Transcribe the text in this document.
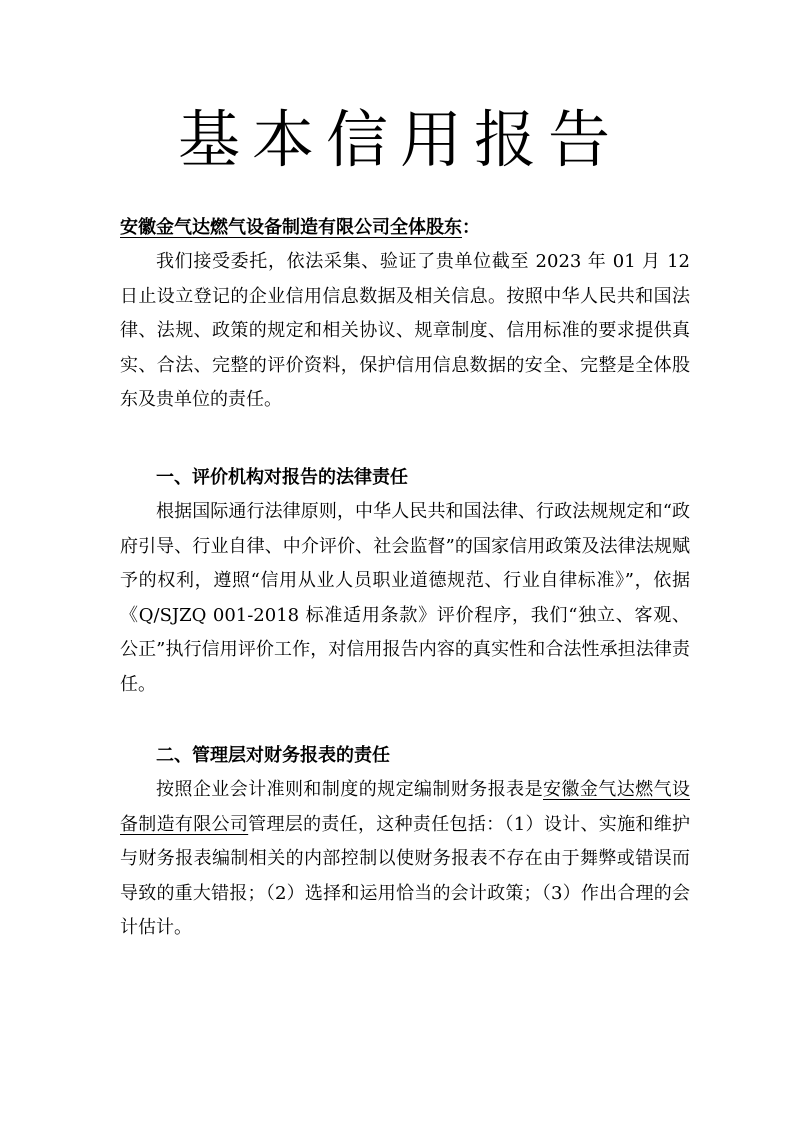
基本信用报告
安徽金气达燃气设备制造有限公司全体股东：
我们接受委托，依法采集、验证了贵单位截至 2023 年 01 月 12 日止设立登记的企业信用信息数据及相关信息。按照中华人民共和国法律、法规、政策的规定和相关协议、规章制度、信用标准的要求提供真实、合法、完整的评价资料，保护信用信息数据的安全、完整是全体股东及贵单位的责任。
一、评价机构对报告的法律责任
根据国际通行法律原则，中华人民共和国法律、行政法规规定和“政府引导、行业自律、中介评价、社会监督”的国家信用政策及法律法规赋予的权利，遵照“信用从业人员职业道德规范、行业自律标准》”，依据《Q/SJZQ 001-2018 标准适用条款》评价程序，我们“独立、客观、公正”执行信用评价工作，对信用报告内容的真实性和合法性承担法律责任。
二、管理层对财务报表的责任
按照企业会计准则和制度的规定编制财务报表是安徽金气达燃气设备制造有限公司管理层的责任，这种责任包括：（1）设计、实施和维护与财务报表编制相关的内部控制以使财务报表不存在由于舞弊或错误而导致的重大错报；（2）选择和运用恰当的会计政策；（3）作出合理的会计估计。
